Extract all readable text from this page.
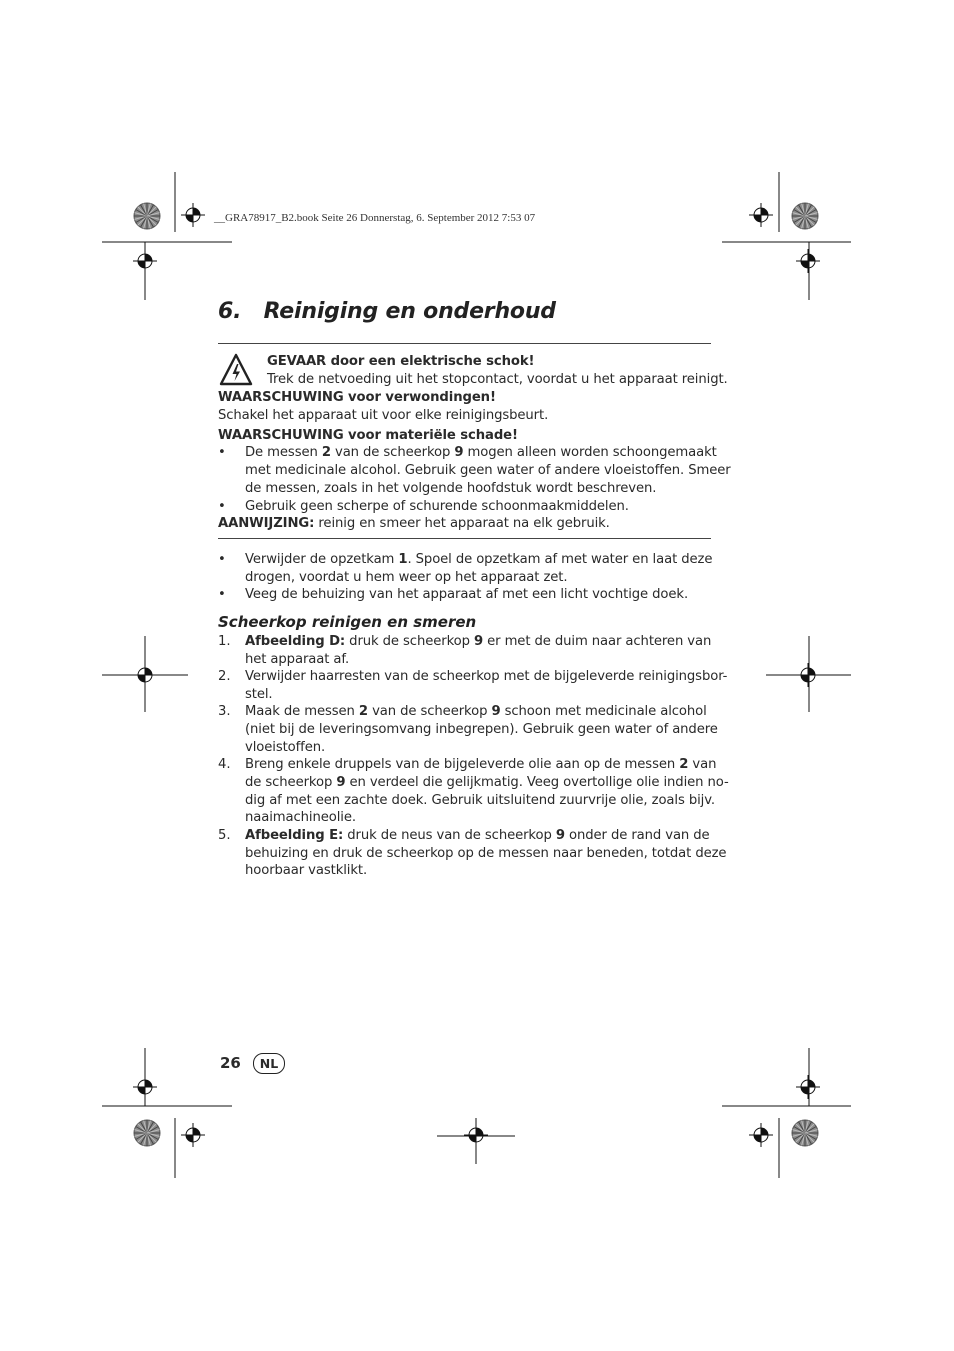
__GRA78917_B2.book Seite 26 Donnerstag, 6. September 2012 7:53 07
6. Reiniging en onderhoud
GEVAAR door een elektrische schok!
Trek de netvoeding uit het stopcontact, voordat u het apparaat reinigt.
WAARSCHUWING voor verwondingen!
Schakel het apparaat uit voor elke reinigingsbeurt.
WAARSCHUWING voor materiële schade!
• De messen 2 van de scheerkop 9 mogen alleen worden schoongemaakt
met medicinale alcohol. Gebruik geen water of andere vloeistoffen. Smeer
de messen, zoals in het volgende hoofdstuk wordt beschreven.
• Gebruik geen scherpe of schurende schoonmaakmiddelen.
AANWIJZING: reinig en smeer het apparaat na elk gebruik.
• Verwijder de opzetkam 1. Spoel de opzetkam af met water en laat deze
drogen, voordat u hem weer op het apparaat zet.
• Veeg de behuizing van het apparaat af met een licht vochtige doek.
Scheerkop reinigen en smeren
1. Afbeelding D: druk de scheerkop 9 er met de duim naar achteren van
het apparaat af.
2. Verwijder haarresten van de scheerkop met de bijgeleverde reinigingsbor-
stel.
3. Maak de messen 2 van de scheerkop 9 schoon met medicinale alcohol
(niet bij de leveringsomvang inbegrepen). Gebruik geen water of andere
vloeistoffen.
4. Breng enkele druppels van de bijgeleverde olie aan op de messen 2 van
de scheerkop 9 en verdeel die gelijkmatig. Veeg overtollige olie indien no-
dig af met een zachte doek. Gebruik uitsluitend zuurvrije olie, zoals bijv.
naaimachineolie.
5. Afbeelding E: druk de neus van de scheerkop 9 onder de rand van de
behuizing en druk de scheerkop op de messen naar beneden, totdat deze
hoorbaar vastklikt.
26	NL
